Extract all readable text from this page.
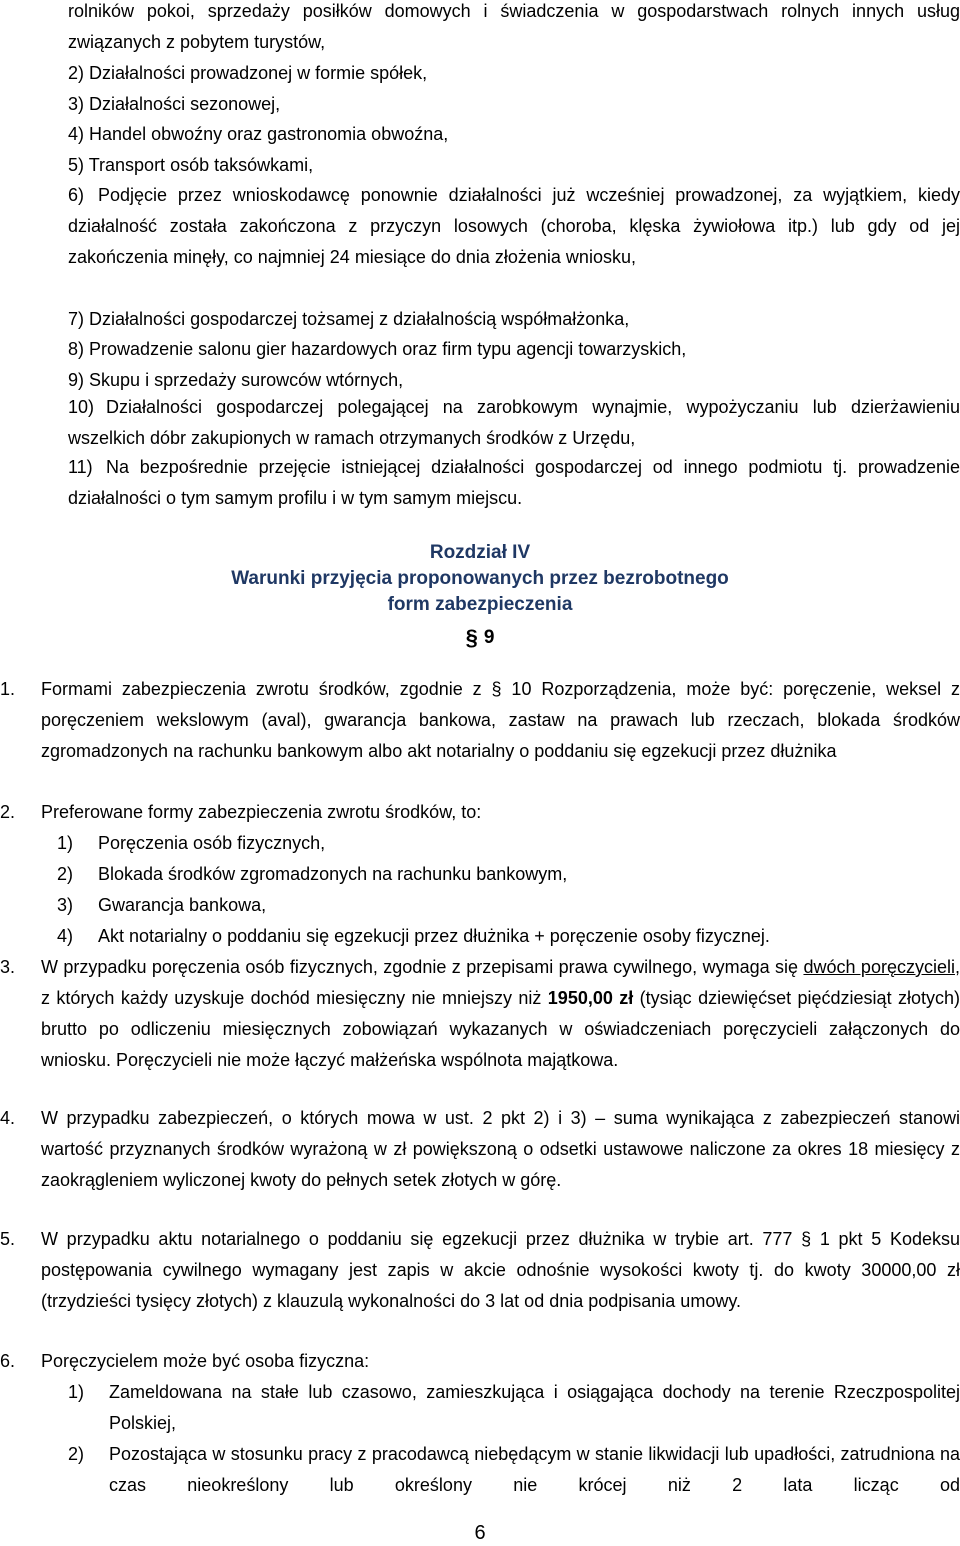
rolników pokoi, sprzedaży posiłków domowych i świadczenia w gospodarstwach rolnych innych usług związanych z pobytem turystów,

2) Działalności prowadzonej w formie spółek,

3) Działalności sezonowej,

4) Handel obwoźny oraz gastronomia obwoźna,

5) Transport osób taksówkami,

6) Podjęcie przez wnioskodawcę ponownie działalności już wcześniej prowadzonej, za wyjątkiem, kiedy działalność została zakończona z przyczyn losowych (choroba, klęska żywiołowa itp.) lub gdy od jej zakończenia minęły, co najmniej 24 miesiące do dnia złożenia wniosku,

7) Działalności gospodarczej tożsamej z działalnością współmałżonka,

8) Prowadzenie salonu gier hazardowych oraz firm typu agencji towarzyskich,

9) Skupu i sprzedaży surowców wtórnych,

10) Działalności gospodarczej polegającej na zarobkowym wynajmie, wypożyczaniu lub dzierżawieniu wszelkich dóbr zakupionych w ramach otrzymanych środków z Urzędu,

11) Na bezpośrednie przejęcie istniejącej działalności gospodarczej od innego podmiotu tj. prowadzenie działalności o tym samym profilu i w tym samym miejscu.

Rozdział IV

Warunki przyjęcia proponowanych przez bezrobotnego

form zabezpieczenia

§ 9
1. Formami zabezpieczenia zwrotu środków, zgodnie z § 10 Rozporządzenia, może być: poręczenie, weksel z poręczeniem wekslowym (aval), gwarancja bankowa, zastaw na prawach lub rzeczach, blokada środków zgromadzonych na rachunku bankowym albo akt notarialny o poddaniu się egzekucji przez dłużnika

2. Preferowane formy zabezpieczenia zwrotu środków, to:

1) Poręczenia osób fizycznych,

2) Blokada środków zgromadzonych na rachunku bankowym,

3) Gwarancja bankowa,

4) Akt notarialny o poddaniu się egzekucji przez dłużnika + poręczenie osoby fizycznej.

3. W przypadku poręczenia osób fizycznych, zgodnie z przepisami prawa cywilnego, wymaga się dwóch poręczycieli, z których każdy uzyskuje dochód miesięczny nie mniejszy niż 1950,00 zł (tysiąc dziewięćset pięćdziesiąt złotych) brutto po odliczeniu miesięcznych zobowiązań wykazanych w oświadczeniach poręczycieli załączonych do wniosku. Poręczycieli nie może łączyć małżeńska wspólnota majątkowa.

4. W przypadku zabezpieczeń, o których mowa w ust. 2 pkt 2) i 3) – suma wynikająca z zabezpieczeń stanowi wartość przyznanych środków wyrażoną w zł powiększoną o odsetki ustawowe naliczone za okres 18 miesięcy z zaokrągleniem wyliczonej kwoty do pełnych setek złotych w górę.

5. W przypadku aktu notarialnego o poddaniu się egzekucji przez dłużnika w trybie art. 777 § 1 pkt 5 Kodeksu postępowania cywilnego wymagany jest zapis w akcie odnośnie wysokości kwoty tj. do kwoty 30000,00 zł (trzydzieści tysięcy złotych) z klauzulą wykonalności do 3 lat od dnia podpisania umowy.

6. Poręczycielem może być osoba fizyczna:

1) Zameldowana na stałe lub czasowo, zamieszkująca i osiągająca dochody na terenie Rzeczpospolitej Polskiej,

2) Pozostająca w stosunku pracy z pracodawcą niebędącym w stanie likwidacji lub upadłości, zatrudniona na czas nieokreślony lub określony nie krócej niż 2 lata licząc od

6
